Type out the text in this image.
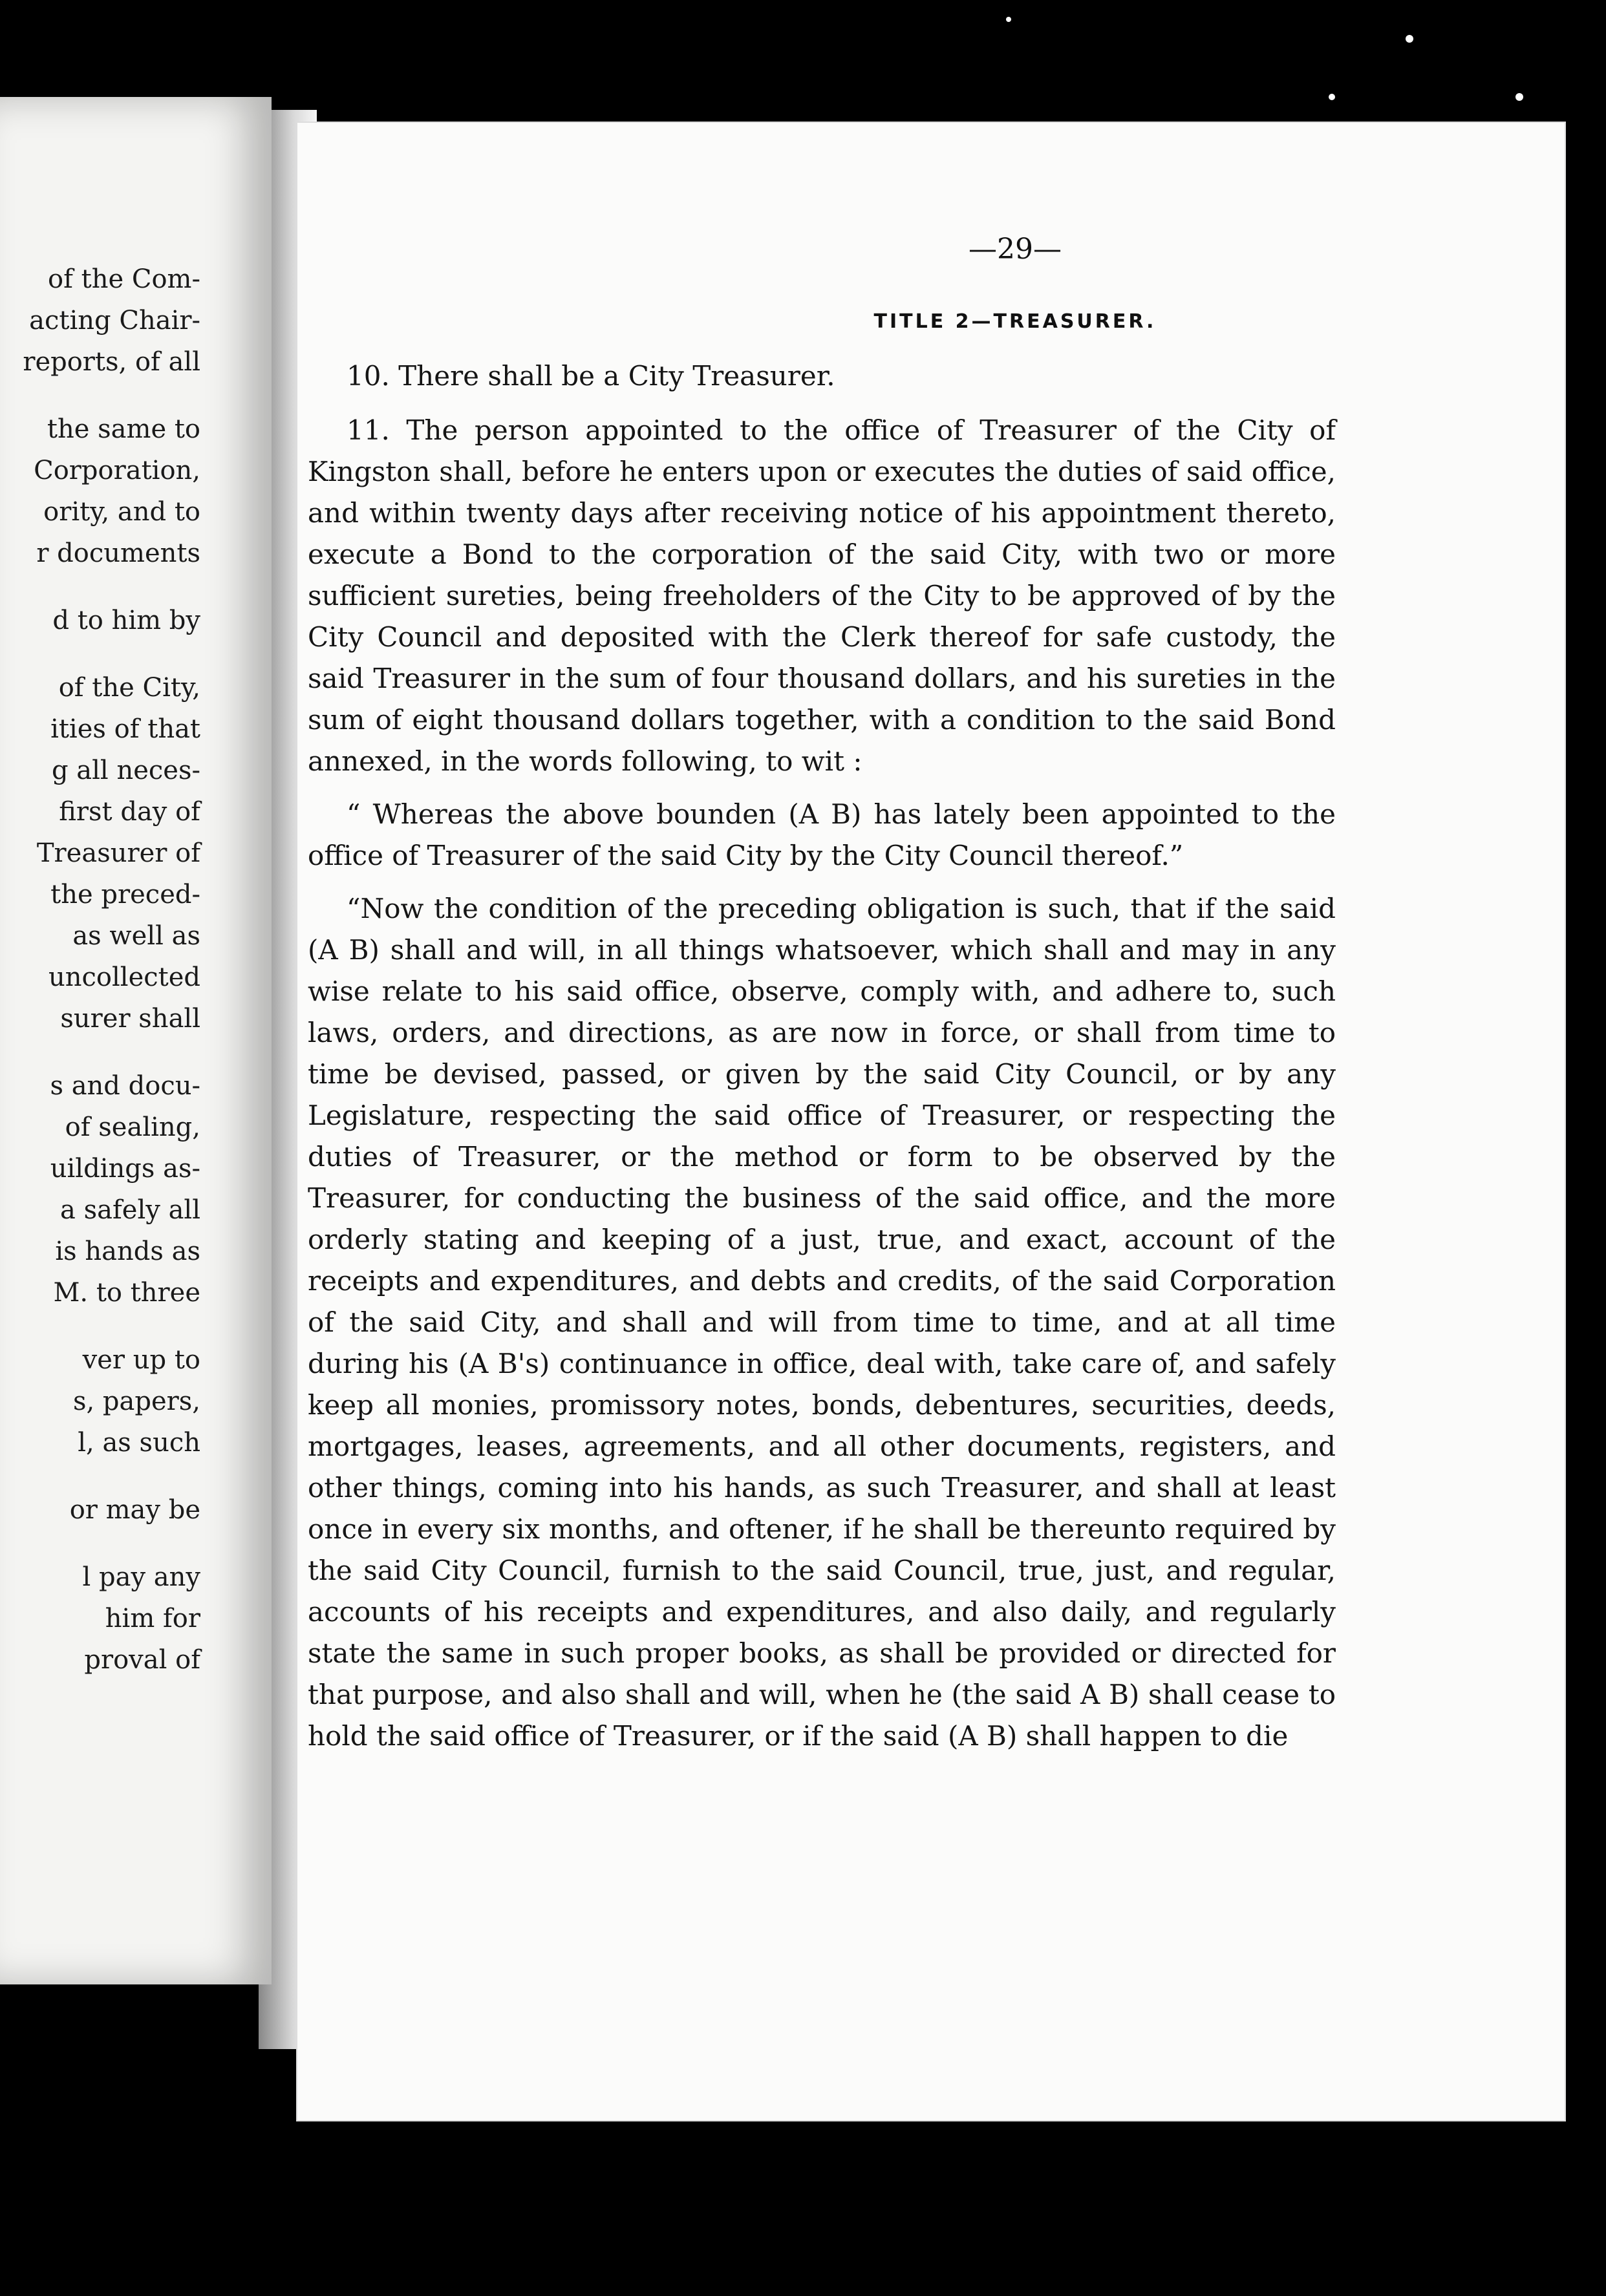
of the Com-
acting Chair-
reports, of all
the same to
Corporation,
ority, and to
r documents
d to him by
of the City,
ities of that
g all neces-
first day of
Treasurer of
the preced-
as well as
uncollected
surer shall
s and docu-
of sealing,
uildings as-
a safely all
is hands as
M. to three
ver up to
s, papers,
l, as such
or may be
l pay any
him for
proval of
—29—
TITLE 2—TREASURER.

10. There shall be a City Treasurer.

11. The person appointed to the office of Treasurer of the City of Kingston shall, before he enters upon or executes the duties of said office, and within twenty days after receiving notice of his appointment thereto, execute a Bond to the corporation of the said City, with two or more sufficient sureties, being freeholders of the City to be approved of by the City Council and deposited with the Clerk thereof for safe custody, the said Treasurer in the sum of four thousand dollars, and his sureties in the sum of eight thousand dollars together, with a condition to the said Bond annexed, in the words following, to wit :

“ Whereas the above bounden (A B) has lately been appointed to the office of Treasurer of the said City by the City Council thereof.”

“Now the condition of the preceding obligation is such, that if the said (A B) shall and will, in all things whatsoever, which shall and may in any wise relate to his said office, observe, comply with, and adhere to, such laws, orders, and directions, as are now in force, or shall from time to time be devised, passed, or given by the said City Council, or by any Legislature, respecting the said office of Treasurer, or respecting the duties of Treasurer, or the method or form to be observed by the Treasurer, for conducting the business of the said office, and the more orderly stating and keeping of a just, true, and exact, account of the receipts and expenditures, and debts and credits, of the said Corporation of the said City, and shall and will from time to time, and at all time during his (A B's) continuance in office, deal with, take care of, and safely keep all monies, promissory notes, bonds, debentures, securities, deeds, mortgages, leases, agreements, and all other documents, registers, and other things, coming into his hands, as such Treasurer, and shall at least once in every six months, and oftener, if he shall be thereunto required by the said City Council, furnish to the said Council, true, just, and regular, accounts of his receipts and expenditures, and also daily, and regularly state the same in such proper books, as shall be provided or directed for that purpose, and also shall and will, when he (the said A B) shall cease to hold the said office of Treasurer, or if the said (A B) shall happen to die
